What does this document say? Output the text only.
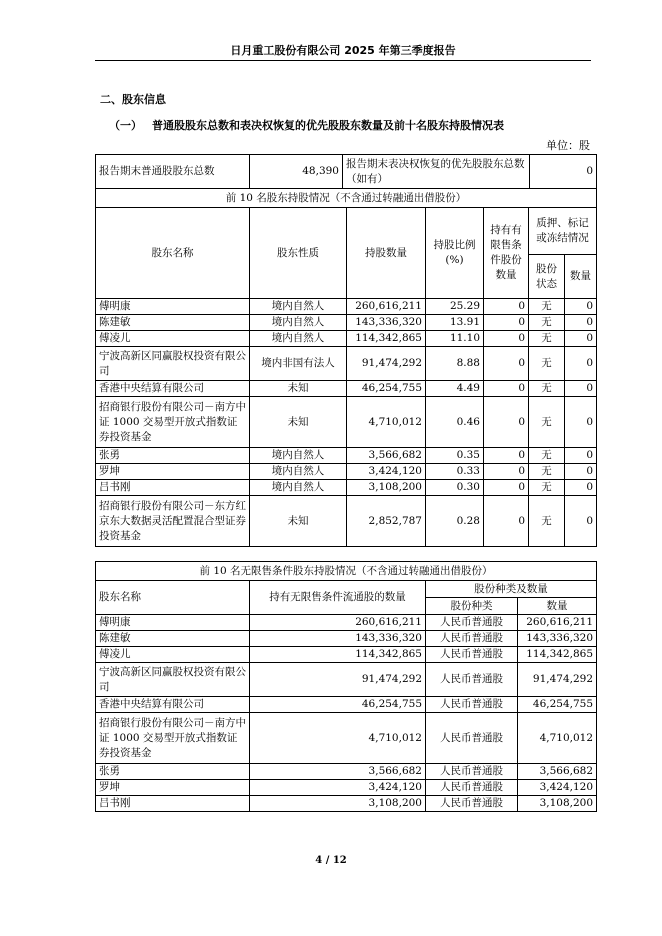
日月重工股份有限公司 2025 年第三季度报告
二、股东信息
（一） 普通股股东总数和表决权恢复的优先股股东数量及前十名股东持股情况表
单位：股
报告期末普通股股东总数	48,390	报告期末表决权恢复的优先股股东总数（如有）	0
前 10 名股东持股情况（不含通过转融通出借股份）						
股东名称	股东性质	持股数量	持股比例(%)	持有有限售条件股份数量	质押、标记或冻结情况	
					股份状态	数量
傅明康	境内自然人	260,616,211	25.29	0	无	0
陈建敏	境内自然人	143,336,320	13.91	0	无	0
傅凌儿	境内自然人	114,342,865	11.10	0	无	0
宁波高新区同赢股权投资有限公司	境内非国有法人	91,474,292	8.88	0	无	0
香港中央结算有限公司	未知	46,254,755	4.49	0	无	0
招商银行股份有限公司－南方中证 1000 交易型开放式指数证券投资基金	未知	4,710,012	0.46	0	无	0
张勇	境内自然人	3,566,682	0.35	0	无	0
罗坤	境内自然人	3,424,120	0.33	0	无	0
吕书刚	境内自然人	3,108,200	0.30	0	无	0
招商银行股份有限公司－东方红京东大数据灵活配置混合型证券投资基金	未知	2,852,787	0.28	0	无	0
前 10 名无限售条件股东持股情况（不含通过转融通出借股份）			
股东名称	持有无限售条件流通股的数量	股份种类及数量	
		股份种类	数量
傅明康	260,616,211	人民币普通股	260,616,211
陈建敏	143,336,320	人民币普通股	143,336,320
傅凌儿	114,342,865	人民币普通股	114,342,865
宁波高新区同赢股权投资有限公司	91,474,292	人民币普通股	91,474,292
香港中央结算有限公司	46,254,755	人民币普通股	46,254,755
招商银行股份有限公司－南方中证 1000 交易型开放式指数证券投资基金	4,710,012	人民币普通股	4,710,012
张勇	3,566,682	人民币普通股	3,566,682
罗坤	3,424,120	人民币普通股	3,424,120
吕书刚	3,108,200	人民币普通股	3,108,200
4 / 12
